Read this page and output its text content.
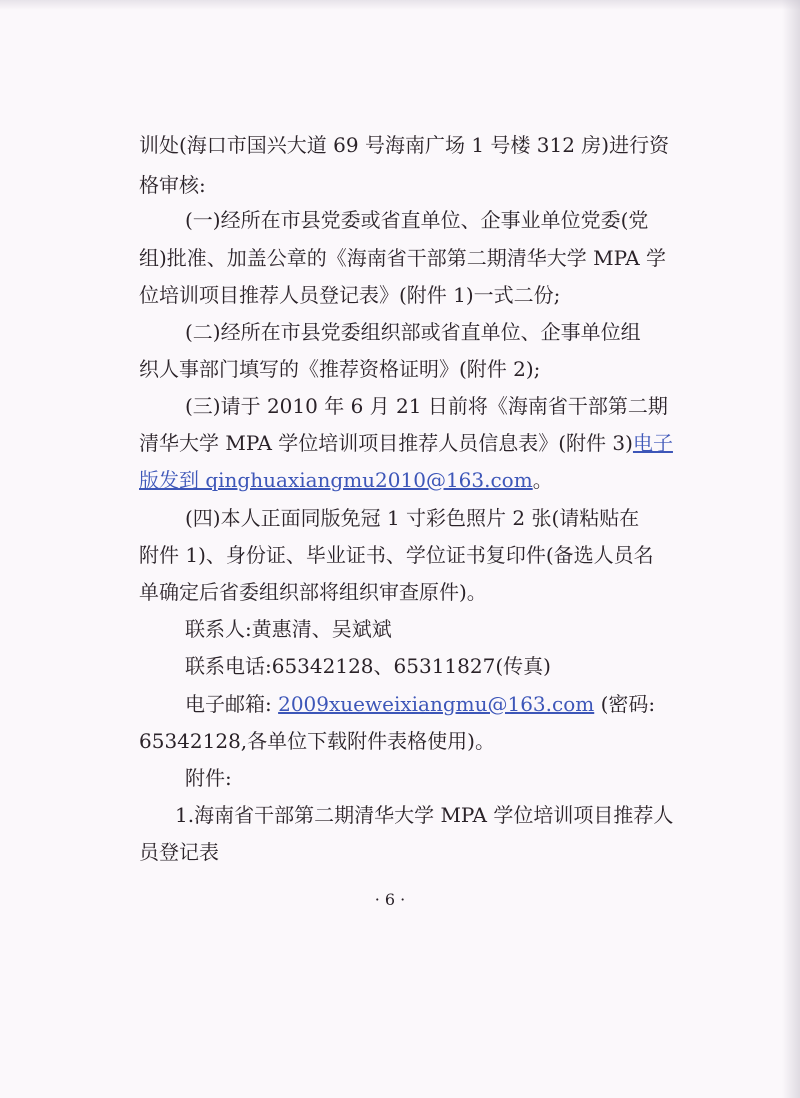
训处(海口市国兴大道 69 号海南广场 1 号楼 312 房)进行资
格审核:
(一)经所在市县党委或省直单位、企事业单位党委(党
组)批准、加盖公章的《海南省干部第二期清华大学 MPA 学
位培训项目推荐人员登记表》(附件 1)一式二份;
(二)经所在市县党委组织部或省直单位、企事单位组
织人事部门填写的《推荐资格证明》(附件 2);
(三)请于 2010 年 6 月 21 日前将《海南省干部第二期
清华大学 MPA 学位培训项目推荐人员信息表》(附件 3)电子
版发到 qinghuaxiangmu2010@163.com。
(四)本人正面同版免冠 1 寸彩色照片 2 张(请粘贴在
附件 1)、身份证、毕业证书、学位证书复印件(备选人员名
单确定后省委组织部将组织审查原件)。
联系人:黄惠清、吴斌斌
联系电话:65342128、65311827(传真)
电子邮箱: 2009xueweixiangmu@163.com (密码:
65342128,各单位下载附件表格使用)。
附件:
1.海南省干部第二期清华大学 MPA 学位培训项目推荐人
员登记表
· 6 ·
